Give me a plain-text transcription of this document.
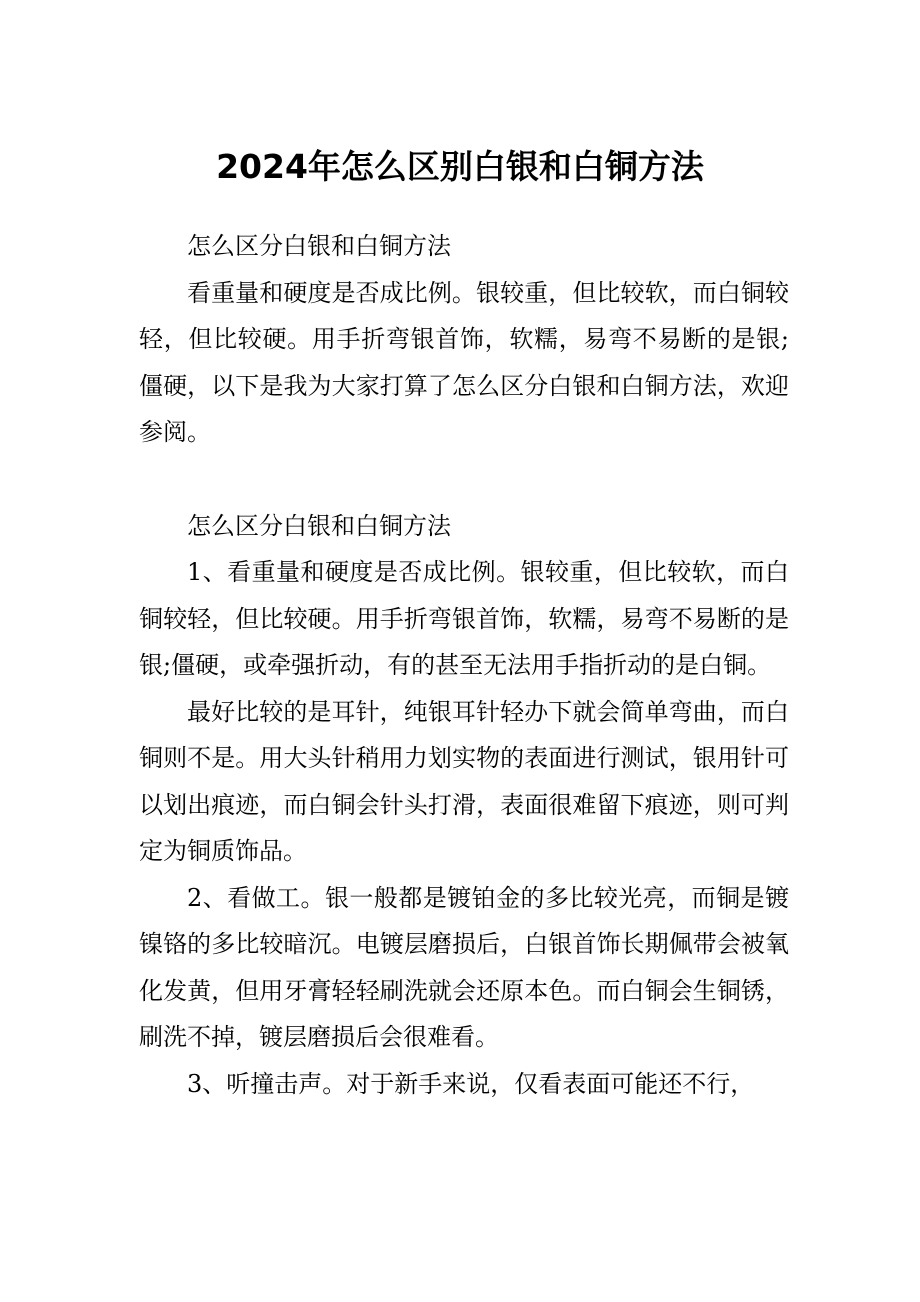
2024年怎么区别白银和白铜方法

怎么区分白银和白铜方法

看重量和硬度是否成比例。银较重，但比较软，而白铜较轻，但比较硬。用手折弯银首饰，软糯，易弯不易断的是银;僵硬，以下是我为大家打算了怎么区分白银和白铜方法，欢迎参阅。

怎么区分白银和白铜方法

1、看重量和硬度是否成比例。银较重，但比较软，而白铜较轻，但比较硬。用手折弯银首饰，软糯，易弯不易断的是银;僵硬，或牵强折动，有的甚至无法用手指折动的是白铜。

最好比较的是耳针，纯银耳针轻办下就会简单弯曲，而白铜则不是。用大头针稍用力划实物的表面进行测试，银用针可以划出痕迹，而白铜会针头打滑，表面很难留下痕迹，则可判定为铜质饰品。

2、看做工。银一般都是镀铂金的多比较光亮，而铜是镀镍铬的多比较暗沉。电镀层磨损后，白银首饰长期佩带会被氧化发黄，但用牙膏轻轻刷洗就会还原本色。而白铜会生铜锈，刷洗不掉，镀层磨损后会很难看。

3、听撞击声。对于新手来说，仅看表面可能还不行，
